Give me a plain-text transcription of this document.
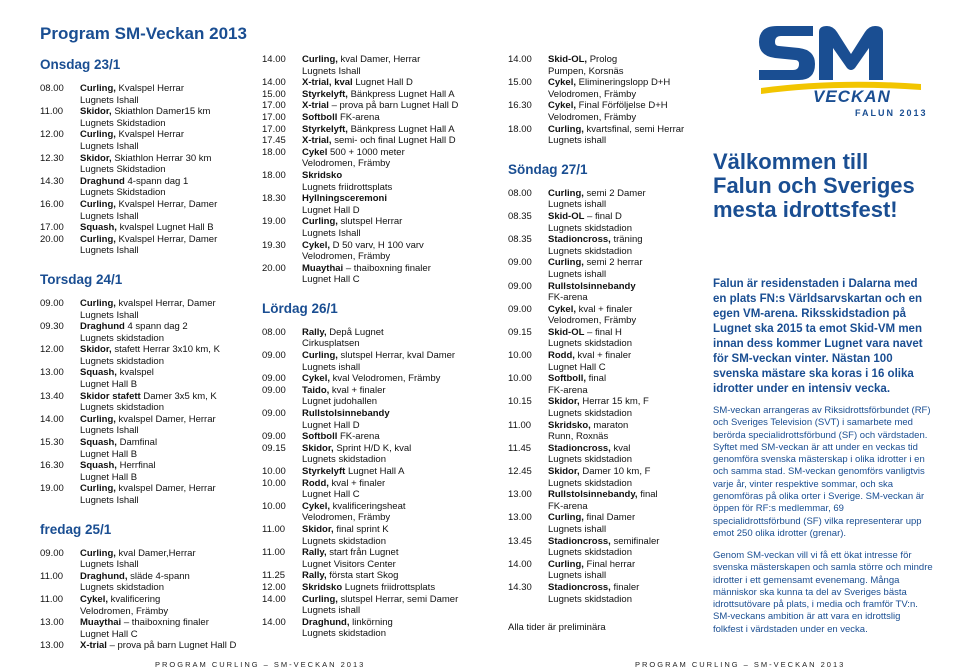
Program SM-Veckan 2013
Onsdag 23/1
08.00	Curling, Kvalspel Herrar
Lugnets Ishall
11.00	Skidor, Skiathlon Damer15 km
Lugnets Skidstadion
12.00	Curling, Kvalspel Herrar
Lugnets Ishall
12.30	Skidor, Skiathlon Herrar 30 km
Lugnets Skidstadion
14.30	Draghund 4-spann dag 1
Lugnets Skidstadion
16.00	Curling, Kvalspel Herrar, Damer
Lugnets Ishall
17.00	Squash, kvalspel Lugnet Hall B
20.00	Curling, Kvalspel Herrar, Damer
Lugnets Ishall
Torsdag 24/1
09.00	Curling, kvalspel Herrar, Damer
Lugnets Ishall
09.30	Draghund 4 spann dag 2
Lugnets skidstadion
12.00	Skidor, stafett Herrar 3x10 km, K
Lugnets skidstadion
13.00	Squash, kvalspel
Lugnet Hall B
13.40	Skidor stafett Damer 3x5 km, K
Lugnets skidstadion
14.00	Curling, kvalspel Damer, Herrar
Lugnets Ishall
15.30	Squash, Damfinal
Lugnet Hall B
16.30	Squash, Herrfinal
Lugnet Hall B
19.00	Curling, kvalspel Damer, Herrar
Lugnets Ishall
fredag 25/1
09.00	Curling, kval Damer,Herrar
Lugnets Ishall
11.00	Draghund, släde 4-spann
Lugnets skidstadion
11.00	Cykel, kvalificering
Velodromen, Främby
13.00	Muaythai – thaiboxning finaler
Lugnet Hall C
13.00	X-trial – prova på barn Lugnet Hall D
14.00	Curling, kval Damer, Herrar
Lugnets Ishall
14.00	X-trial, kval Lugnet Hall D
15.00	Styrkelyft, Bänkpress Lugnet Hall A
17.00	X-trial – prova på barn Lugnet Hall D
17.00	Softboll FK-arena
17.00	Styrkelyft, Bänkpress Lugnet Hall A
17.45	X-trial, semi- och final Lugnet Hall D
18.00	Cykel 500 + 1000 meter
Velodromen, Främby
18.00	Skridsko
Lugnets friidrottsplats
18.30	Hyllningsceremoni
Lugnet Hall D
19.00	Curling, slutspel Herrar
Lugnets Ishall
19.30	Cykel, D 50 varv, H 100 varv
Velodromen, Främby
20.00	Muaythai – thaiboxning finaler
Lugnet Hall C
Lördag 26/1
08.00	Rally, Depå Lugnet
Cirkusplatsen
09.00	Curling, slutspel Herrar, kval Damer
Lugnets ishall
09.00	Cykel, kval Velodromen, Främby
09.00	Taido, kval + finaler
Lugnet judohallen
09.00	Rullstolsinnebandy
Lugnet Hall D
09.00	Softboll FK-arena
09.15	Skidor, Sprint H/D K, kval
Lugnets skidstadion
10.00	Styrkelyft Lugnet Hall A
10.00	Rodd, kval + finaler
Lugnet Hall C
10.00	Cykel, kvalificeringsheat
Velodromen, Främby
11.00	Skidor, final sprint K
Lugnets skidstadion
11.00	Rally, start från Lugnet
Lugnet Visitors Center
11.25	Rally, första start Skog
12.00	Skridsko Lugnets friidrottsplats
14.00	Curling, slutspel Herrar, semi Damer
Lugnets ishall
14.00	Draghund, linkörning
Lugnets skidstadion
14.00	Skid-OL, Prolog
Pumpen, Korsnäs
15.00	Cykel, Elimineringslopp D+H
Velodromen, Främby
16.30	Cykel, Final Förföljelse D+H
Velodromen, Främby
18.00	Curling, kvartsfinal, semi Herrar
Lugnets ishall
Söndag 27/1
08.00	Curling, semi 2 Damer
Lugnets ishall
08.35	Skid-OL – final D
Lugnets skidstadion
08.35	Stadioncross, träning
Lugnets skidstadion
09.00	Curling, semi 2 herrar
Lugnets ishall
09.00	Rullstolsinnebandy
FK-arena
09.00	Cykel, kval + finaler
Velodromen, Främby
09.15	Skid-OL – final H
Lugnets skidstadion
10.00	Rodd, kval + finaler
Lugnet Hall C
10.00	Softboll, final
FK-arena
10.15	Skidor, Herrar 15 km, F
Lugnets skidstadion
11.00	Skridsko, maraton
Runn, Roxnäs
11.45	Stadioncross, kval
Lugnets skidstadion
12.45	Skidor, Damer 10 km, F
Lugnets skidstadion
13.00	Rullstolsinnebandy, final
FK-arena
13.00	Curling, final Damer
Lugnets ishall
13.45	Stadioncross, semifinaler
Lugnets skidstadion
14.00	Curling, Final herrar
Lugnets ishall
14.30	Stadioncross, finaler
Lugnets skidstadion
Alla tider är preliminära
VECKAN
FALUN 2013
Välkommen till Falun och Sveriges mesta idrottsfest!
Falun är residenstaden i Dalarna med en plats FN:s Världsarvskartan och en egen VM-arena. Riksskidstadion på Lugnet ska 2015 ta emot Skid-VM men innan dess kommer Lugnet vara navet för SM-veckan vinter. Nästan 100 svenska mästare ska koras i 16 olika idrotter under en intensiv vecka.
SM-veckan arrangeras av Riksidrottsförbundet (RF) och Sveriges Television (SVT) i samarbete med berörda specialidrottsförbund (SF) och värdstaden. Syftet med SM-veckan är att under en veckas tid genomföra svenska mästerskap i olika idrotter i en och samma stad. SM-veckan genomförs vanligtvis varje år, vinter respektive sommar, och ska genomföras på olika orter i Sverige. SM-veckan är öppen för RF:s medlemmar, 69 specialidrottsförbund (SF) vilka representerar upp emot 250 olika idrotter (grenar).
Genom SM-veckan vill vi få ett ökat intresse för svenska mästerskapen och samla större och mindre idrotter i ett gemensamt evenemang. Många människor ska kunna ta del av Sveriges bästa idrottsutövare på plats, i media och framför TV:n. SM-veckans ambition är att vara en idrottslig folkfest i värdstaden under en vecka.
PROGRAM CURLING – SM-VECKAN 2013	PROGRAM CURLING – SM-VECKAN 2013
